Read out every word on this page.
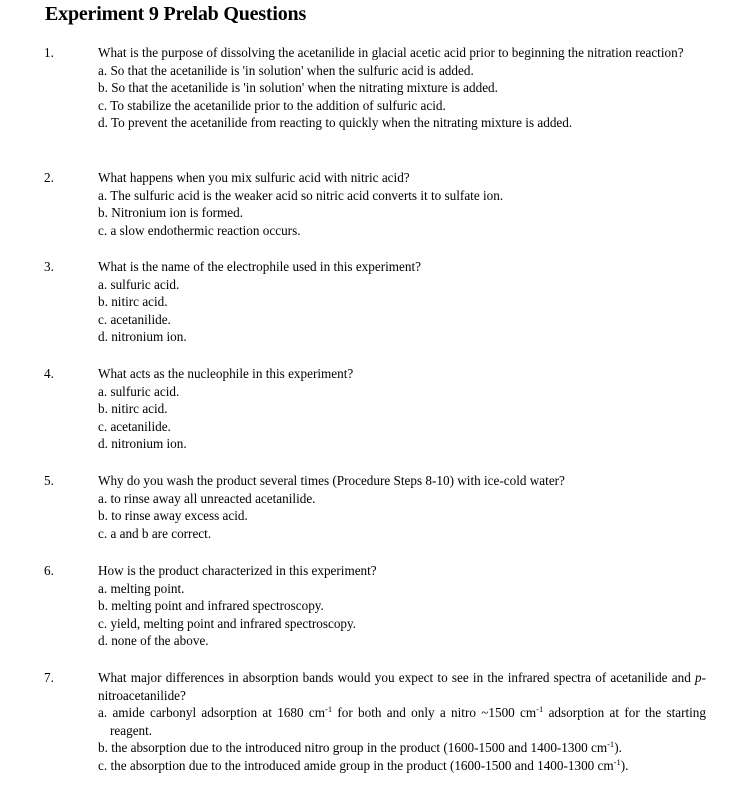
Experiment 9 Prelab Questions
1.	What is the purpose of dissolving the acetanilide in glacial acetic acid prior to beginning the nitration reaction?
a. So that the acetanilide is 'in solution' when the sulfuric acid is added.
b. So that the acetanilide is 'in solution' when the nitrating mixture is added.
c. To stabilize the acetanilide prior to the addition of sulfuric acid.
d. To prevent the acetanilide from reacting to quickly when the nitrating mixture is added.
2.	What happens when you mix sulfuric acid with nitric acid?
a. The sulfuric acid is the weaker acid so nitric acid converts it to sulfate ion.
b. Nitronium ion is formed.
c. a slow endothermic reaction occurs.
3.	What is the name of the electrophile used in this experiment?
a. sulfuric acid.
b. nitirc acid.
c. acetanilide.
d. nitronium ion.
4.	What acts as the nucleophile in this experiment?
a. sulfuric acid.
b. nitirc acid.
c. acetanilide.
d. nitronium ion.
5.	Why do you wash the product several times (Procedure Steps 8-10) with ice-cold water?
a. to rinse away all unreacted acetanilide.
b. to rinse away excess acid.
c. a and b are correct.
6.	How is the product characterized in this experiment?
a. melting point.
b. melting point and infrared spectroscopy.
c. yield, melting point and infrared spectroscopy.
d. none of the above.
7.	What major differences in absorption bands would you expect to see in the infrared spectra of acetanilide and p-nitroacetanilide?
a. amide carbonyl adsorption at 1680 $cm^{-1}$ for both and only a nitro ~1500 $cm^{-1}$ adsorption at for the starting reagent.
b. the absorption due to the introduced nitro group in the product (1600-1500 and 1400-1300 $cm^{-1}$).
c. the absorption due to the introduced amide group in the product (1600-1500 and 1400-1300 $cm^{-1}$).
